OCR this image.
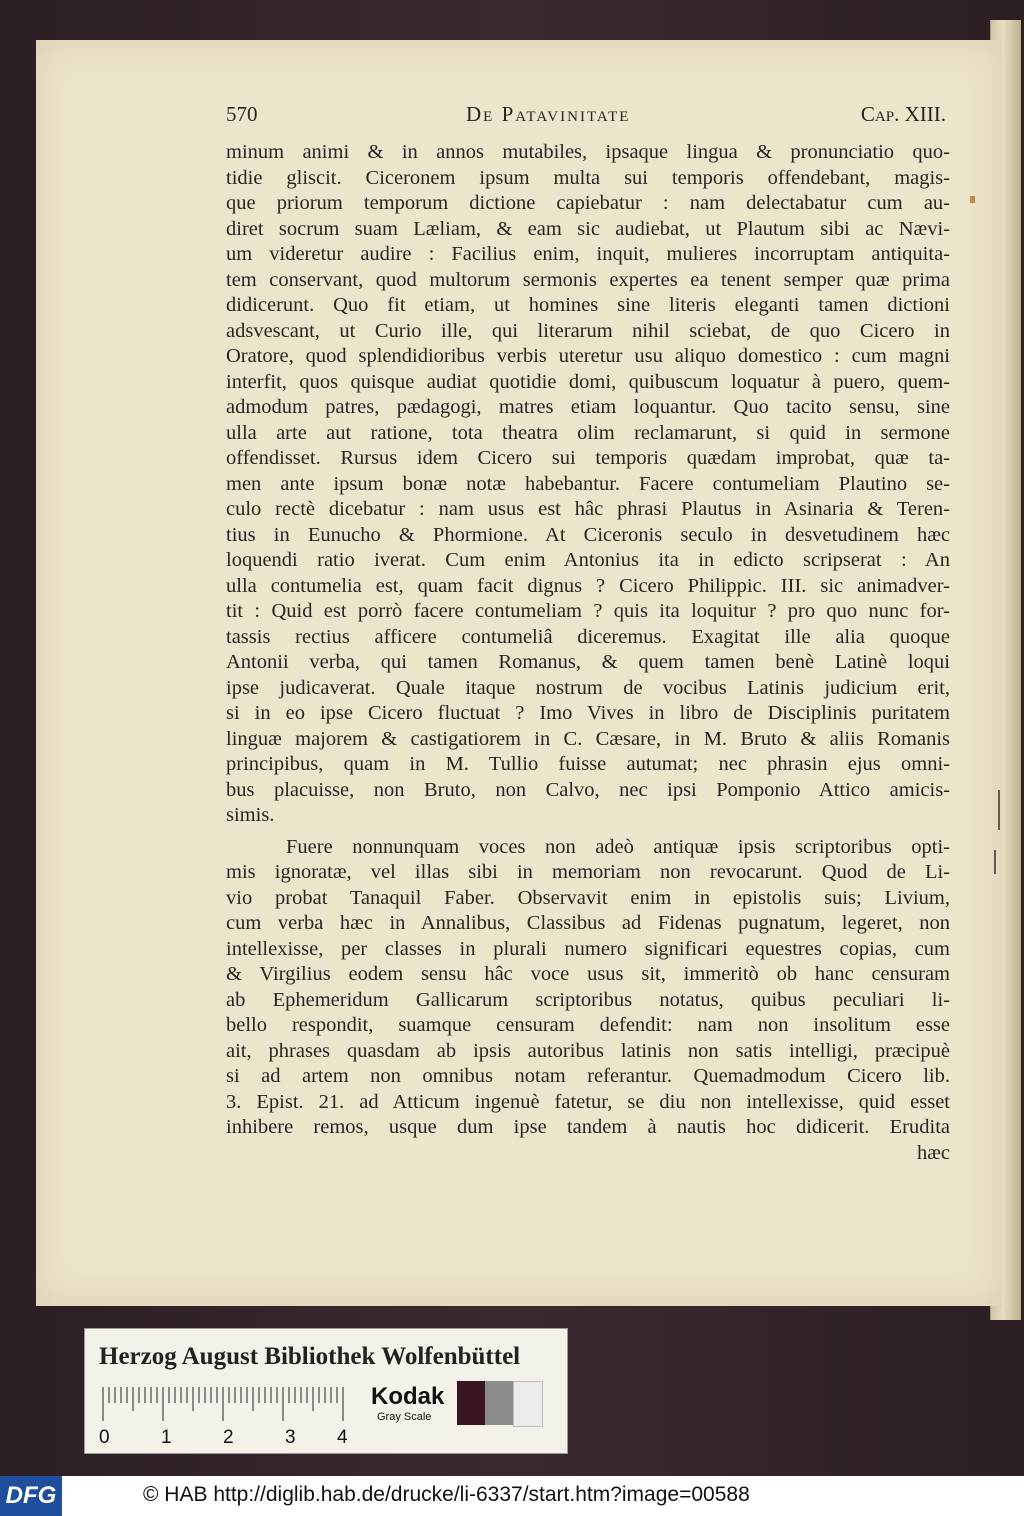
570	De Patavinitate	Cap. XIII.
minum animi & in annos mutabiles, ipsaque lingua & pronunciatio quo-
tidie gliscit. Ciceronem ipsum multa sui temporis offendebant, magis-
que priorum temporum dictione capiebatur : nam delectabatur cum au-
diret socrum suam Læliam, & eam sic audiebat, ut Plautum sibi ac Nævi-
um videretur audire : Facilius enim, inquit, mulieres incorruptam antiquita-
tem conservant, quod multorum sermonis expertes ea tenent semper quæ prima
didicerunt. Quo fit etiam, ut homines sine literis eleganti tamen dictioni
adsvescant, ut Curio ille, qui literarum nihil sciebat, de quo Cicero in
Oratore, quod splendidioribus verbis uteretur usu aliquo domestico : cum magni
interfit, quos quisque audiat quotidie domi, quibuscum loquatur à puero, quem-
admodum patres, pædagogi, matres etiam loquantur. Quo tacito sensu, sine
ulla arte aut ratione, tota theatra olim reclamarunt, si quid in sermone
offendisset. Rursus idem Cicero sui temporis quædam improbat, quæ ta-
men ante ipsum bonæ notæ habebantur. Facere contumeliam Plautino se-
culo rectè dicebatur : nam usus est hâc phrasi Plautus in Asinaria & Teren-
tius in Eunucho & Phormione. At Ciceronis seculo in desvetudinem hæc
loquendi ratio iverat. Cum enim Antonius ita in edicto scripserat : An
ulla contumelia est, quam facit dignus ? Cicero Philippic. III. sic animadver-
tit : Quid est porrò facere contumeliam ? quis ita loquitur ? pro quo nunc for-
tassis rectius afficere contumeliâ diceremus. Exagitat ille alia quoque
Antonii verba, qui tamen Romanus, & quem tamen benè Latinè loqui
ipse judicaverat. Quale itaque nostrum de vocibus Latinis judicium erit,
si in eo ipse Cicero fluctuat ? Imo Vives in libro de Disciplinis puritatem
linguæ majorem & castigatiorem in C. Cæsare, in M. Bruto & aliis Romanis
principibus, quam in M. Tullio fuisse autumat; nec phrasin ejus omni-
bus placuisse, non Bruto, non Calvo, nec ipsi Pomponio Attico amicis-
simis.
Fuere nonnunquam voces non adeò antiquæ ipsis scriptoribus opti-
mis ignoratæ, vel illas sibi in memoriam non revocarunt. Quod de Li-
vio probat Tanaquil Faber. Observavit enim in epistolis suis; Livium,
cum verba hæc in Annalibus, Classibus ad Fidenas pugnatum, legeret, non
intellexisse, per classes in plurali numero significari equestres copias, cum
& Virgilius eodem sensu hâc voce usus sit, immeritò ob hanc censuram
ab Ephemeridum Gallicarum scriptoribus notatus, quibus peculiari li-
bello respondit, suamque censuram defendit: nam non insolitum esse
ait, phrases quasdam ab ipsis autoribus latinis non satis intelligi, præcipuè
si ad artem non omnibus notam referantur. Quemadmodum Cicero lib.
3. Epist. 21. ad Atticum ingenuè fatetur, se diu non intellexisse, quid esset
inhibere remos, usque dum ipse tandem à nautis hoc didicerit. Erudita
hæc
Herzog August Bibliothek Wolfenbüttel
0	1	2	3 4
Kodak
Gray Scale
DFG	© HAB http://diglib.hab.de/drucke/li-6337/start.htm?image=00588
